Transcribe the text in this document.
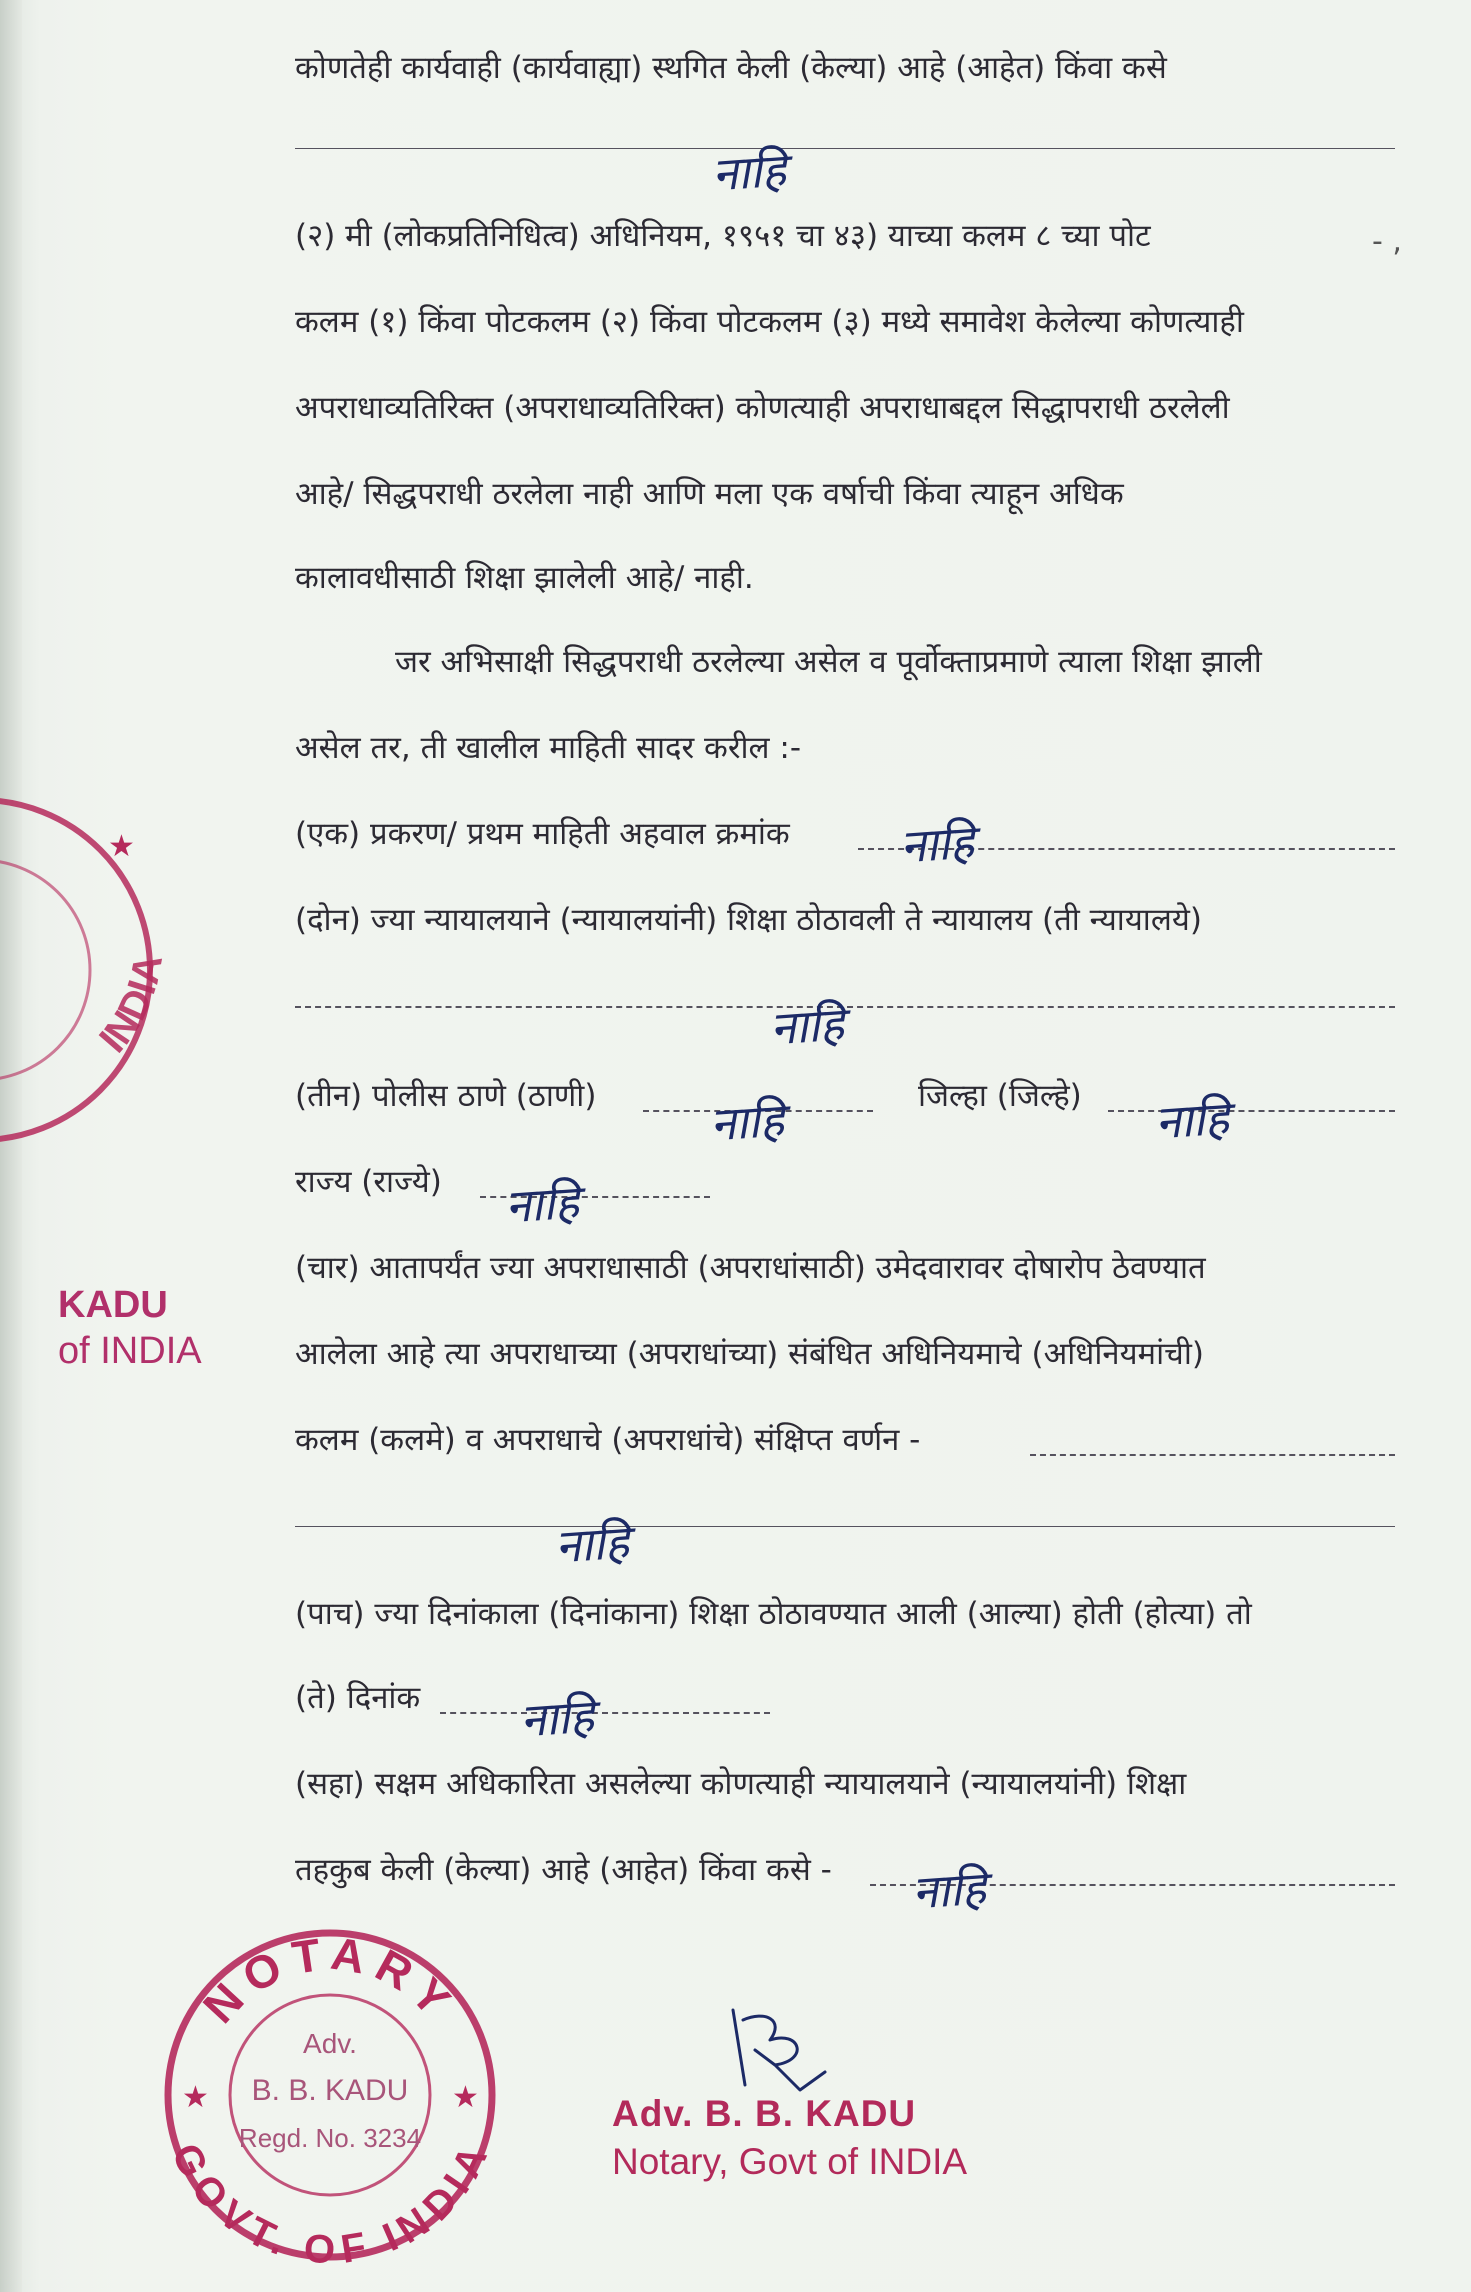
कोणतेही कार्यवाही (कार्यवाह्या) स्थगित केली (केल्या) आहे (आहेत) किंवा कसे
नाहि
(२) मी (लोकप्रतिनिधित्व) अधिनियम, १९५१ चा ४३) याच्या कलम ८ च्या पोट	- ,
कलम (१) किंवा पोटकलम (२) किंवा पोटकलम (३) मध्ये समावेश केलेल्या कोणत्याही
अपराधाव्यतिरिक्त (अपराधाव्यतिरिक्त) कोणत्याही अपराधाबद्दल सिद्धापराधी ठरलेली
आहे/ सिद्धपराधी ठरलेला नाही आणि मला एक वर्षाची किंवा त्याहून अधिक
कालावधीसाठी शिक्षा झालेली आहे/ नाही.
जर अभिसाक्षी सिद्धपराधी ठरलेल्या असेल व पूर्वोक्ताप्रमाणे त्याला शिक्षा झाली
असेल तर, ती खालील माहिती सादर करील :-
(एक) प्रकरण/ प्रथम माहिती अहवाल क्रमांक नाहि
(दोन) ज्या न्यायालयाने (न्यायालयांनी) शिक्षा ठोठावली ते न्यायालय (ती न्यायालये)
नाहि
(तीन) पोलीस ठाणे (ठाणी) नाहि	जिल्हा (जिल्हे) नाहि
राज्य (राज्ये) नाहि
(चार) आतापर्यंत ज्या अपराधासाठी (अपराधांसाठी) उमेदवारावर दोषारोप ठेवण्यात
आलेला आहे त्या अपराधाच्या (अपराधांच्या) संबंधित अधिनियमाचे (अधिनियमांची)
कलम (कलमे) व अपराधाचे (अपराधांचे) संक्षिप्त वर्णन -
नाहि
(पाच) ज्या दिनांकाला (दिनांकाना) शिक्षा ठोठावण्यात आली (आल्या) होती (होत्या) तो
(ते) दिनांक नाहि
(सहा) सक्षम अधिकारिता असलेल्या कोणत्याही न्यायालयाने (न्यायालयांनी) शिक्षा
तहकुब केली (केल्या) आहे (आहेत) किंवा कसे - नाहि
INDIA
★
KADU
of INDIA
NOTARY
GOVT. OF INDIA
★	★
Adv.
B. B. KADU
Regd. No. 3234
Adv. B. B. KADU
Notary, Govt of INDIA
